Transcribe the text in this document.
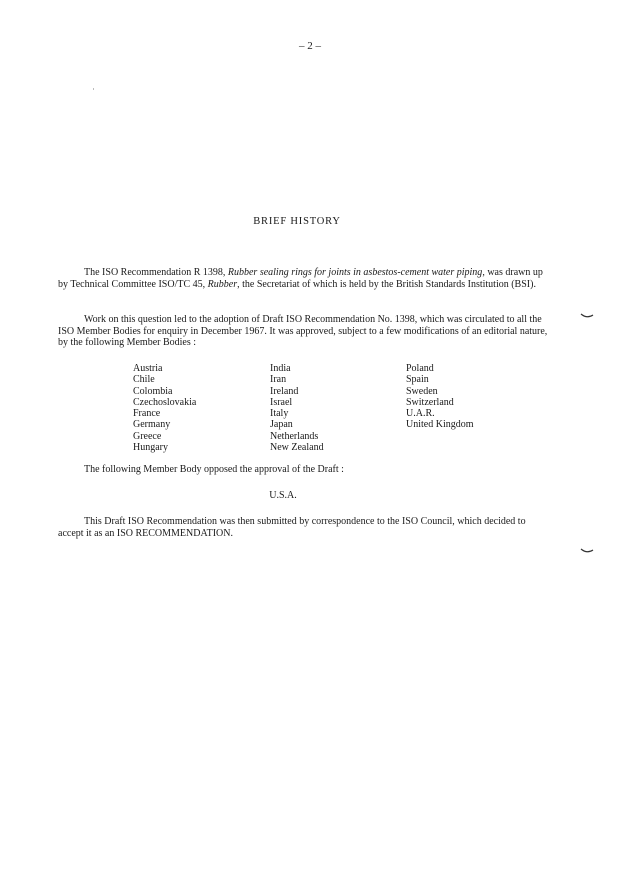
– 2 –
BRIEF HISTORY

The ISO Recommendation R 1398, Rubber sealing rings for joints in asbestos-cement water piping, was drawn up by Technical Committee ISO/TC 45, Rubber, the Secretariat of which is held by the British Standards Institution (BSI).

Work on this question led to the adoption of Draft ISO Recommendation No. 1398, which was circulated to all the ISO Member Bodies for enquiry in December 1967. It was approved, subject to a few modifications of an editorial nature, by the following Member Bodies :

Austria
Chile
Colombia
Czechoslovakia
France
Germany
Greece
Hungary
India
Iran
Ireland
Israel
Italy
Japan
Netherlands
New Zealand
Poland
Spain
Sweden
Switzerland
U.A.R.
United Kingdom

The following Member Body opposed the approval of the Draft :

U.S.A.

This Draft ISO Recommendation was then submitted by correspondence to the ISO Council, which decided to accept it as an ISO RECOMMENDATION.
